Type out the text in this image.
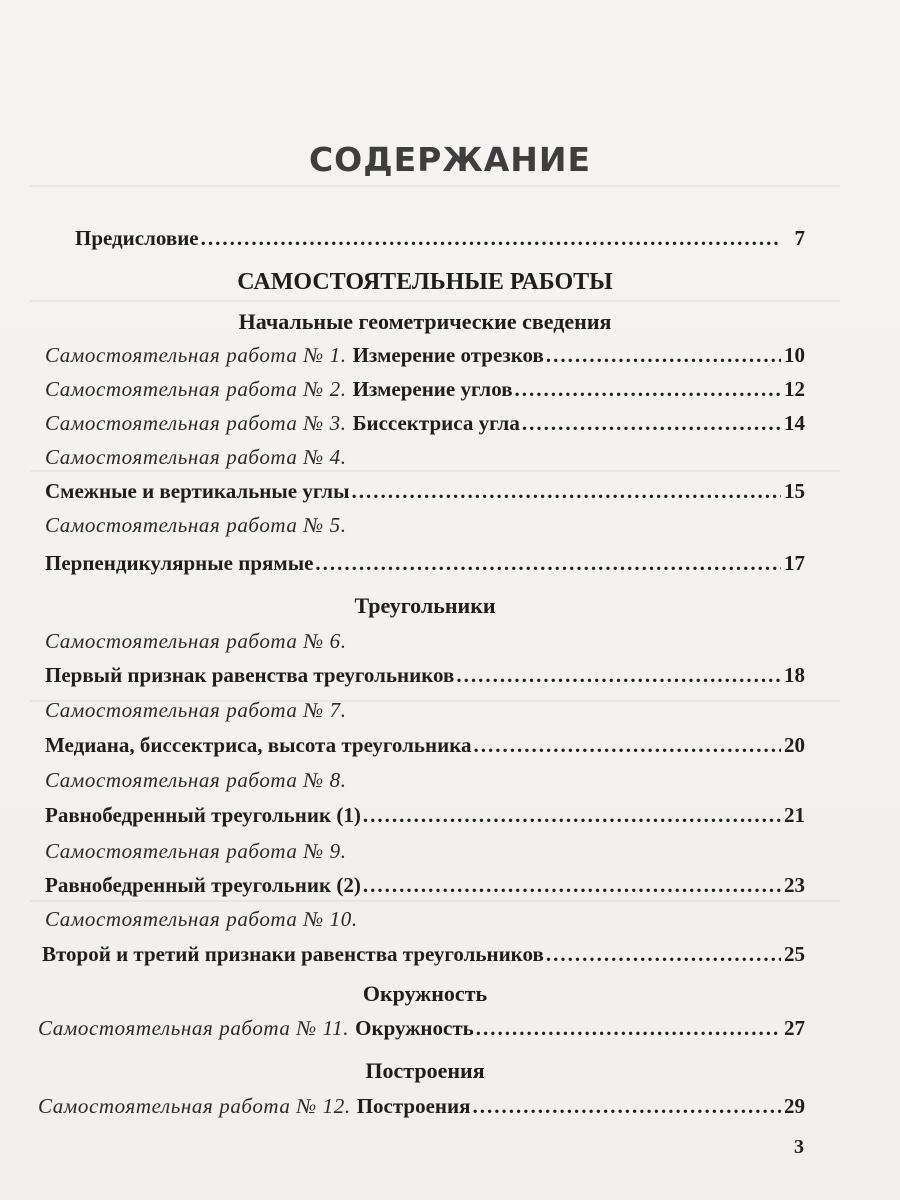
СОДЕРЖАНИЕ
Предисловие .....	7
САМОСТОЯТЕЛЬНЫЕ РАБОТЫ
Начальные геометрические сведения
Самостоятельная работа № 1. Измерение отрезков .....	10
Самостоятельная работа № 2. Измерение углов .....	12
Самостоятельная работа № 3. Биссектриса угла .....	14
Самостоятельная работа № 4.
Смежные и вертикальные углы .....	15
Самостоятельная работа № 5.
Перпендикулярные прямые .....	17
Треугольники
Самостоятельная работа № 6.
Первый признак равенства треугольников .....	18
Самостоятельная работа № 7.
Медиана, биссектриса, высота треугольника .....	20
Самостоятельная работа № 8.
Равнобедренный треугольник (1) .....	21
Самостоятельная работа № 9.
Равнобедренный треугольник (2) .....	23
Самостоятельная работа № 10.
Второй и третий признаки равенства треугольников .....	25
Окружность
Самостоятельная работа № 11. Окружность .....	27
Построения
Самостоятельная работа № 12. Построения .....	29
3
